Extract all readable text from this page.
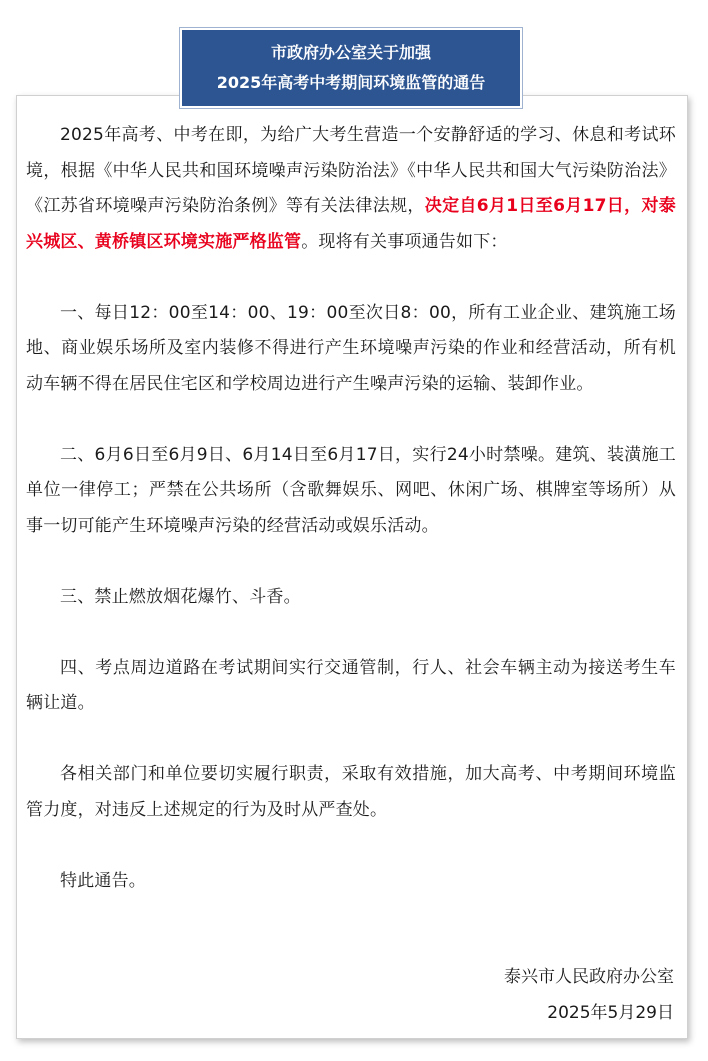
市政府办公室关于加强
2025年高考中考期间环境监管的通告

2025年高考、中考在即，为给广大考生营造一个安静舒适的学习、休息和考试环境，根据《中华人民共和国环境噪声污染防治法》《中华人民共和国大气污染防治法》《江苏省环境噪声污染防治条例》等有关法律法规，决定自6月1日至6月17日，对泰兴城区、黄桥镇区环境实施严格监管。现将有关事项通告如下：

一、每日12：00至14：00、19：00至次日8：00，所有工业企业、建筑施工场地、商业娱乐场所及室内装修不得进行产生环境噪声污染的作业和经营活动，所有机动车辆不得在居民住宅区和学校周边进行产生噪声污染的运输、装卸作业。

二、6月6日至6月9日、6月14日至6月17日，实行24小时禁噪。建筑、装潢施工单位一律停工；严禁在公共场所（含歌舞娱乐、网吧、休闲广场、棋牌室等场所）从事一切可能产生环境噪声污染的经营活动或娱乐活动。

三、禁止燃放烟花爆竹、斗香。

四、考点周边道路在考试期间实行交通管制，行人、社会车辆主动为接送考生车辆让道。

各相关部门和单位要切实履行职责，采取有效措施，加大高考、中考期间环境监管力度，对违反上述规定的行为及时从严查处。

特此通告。

泰兴市人民政府办公室
2025年5月29日
